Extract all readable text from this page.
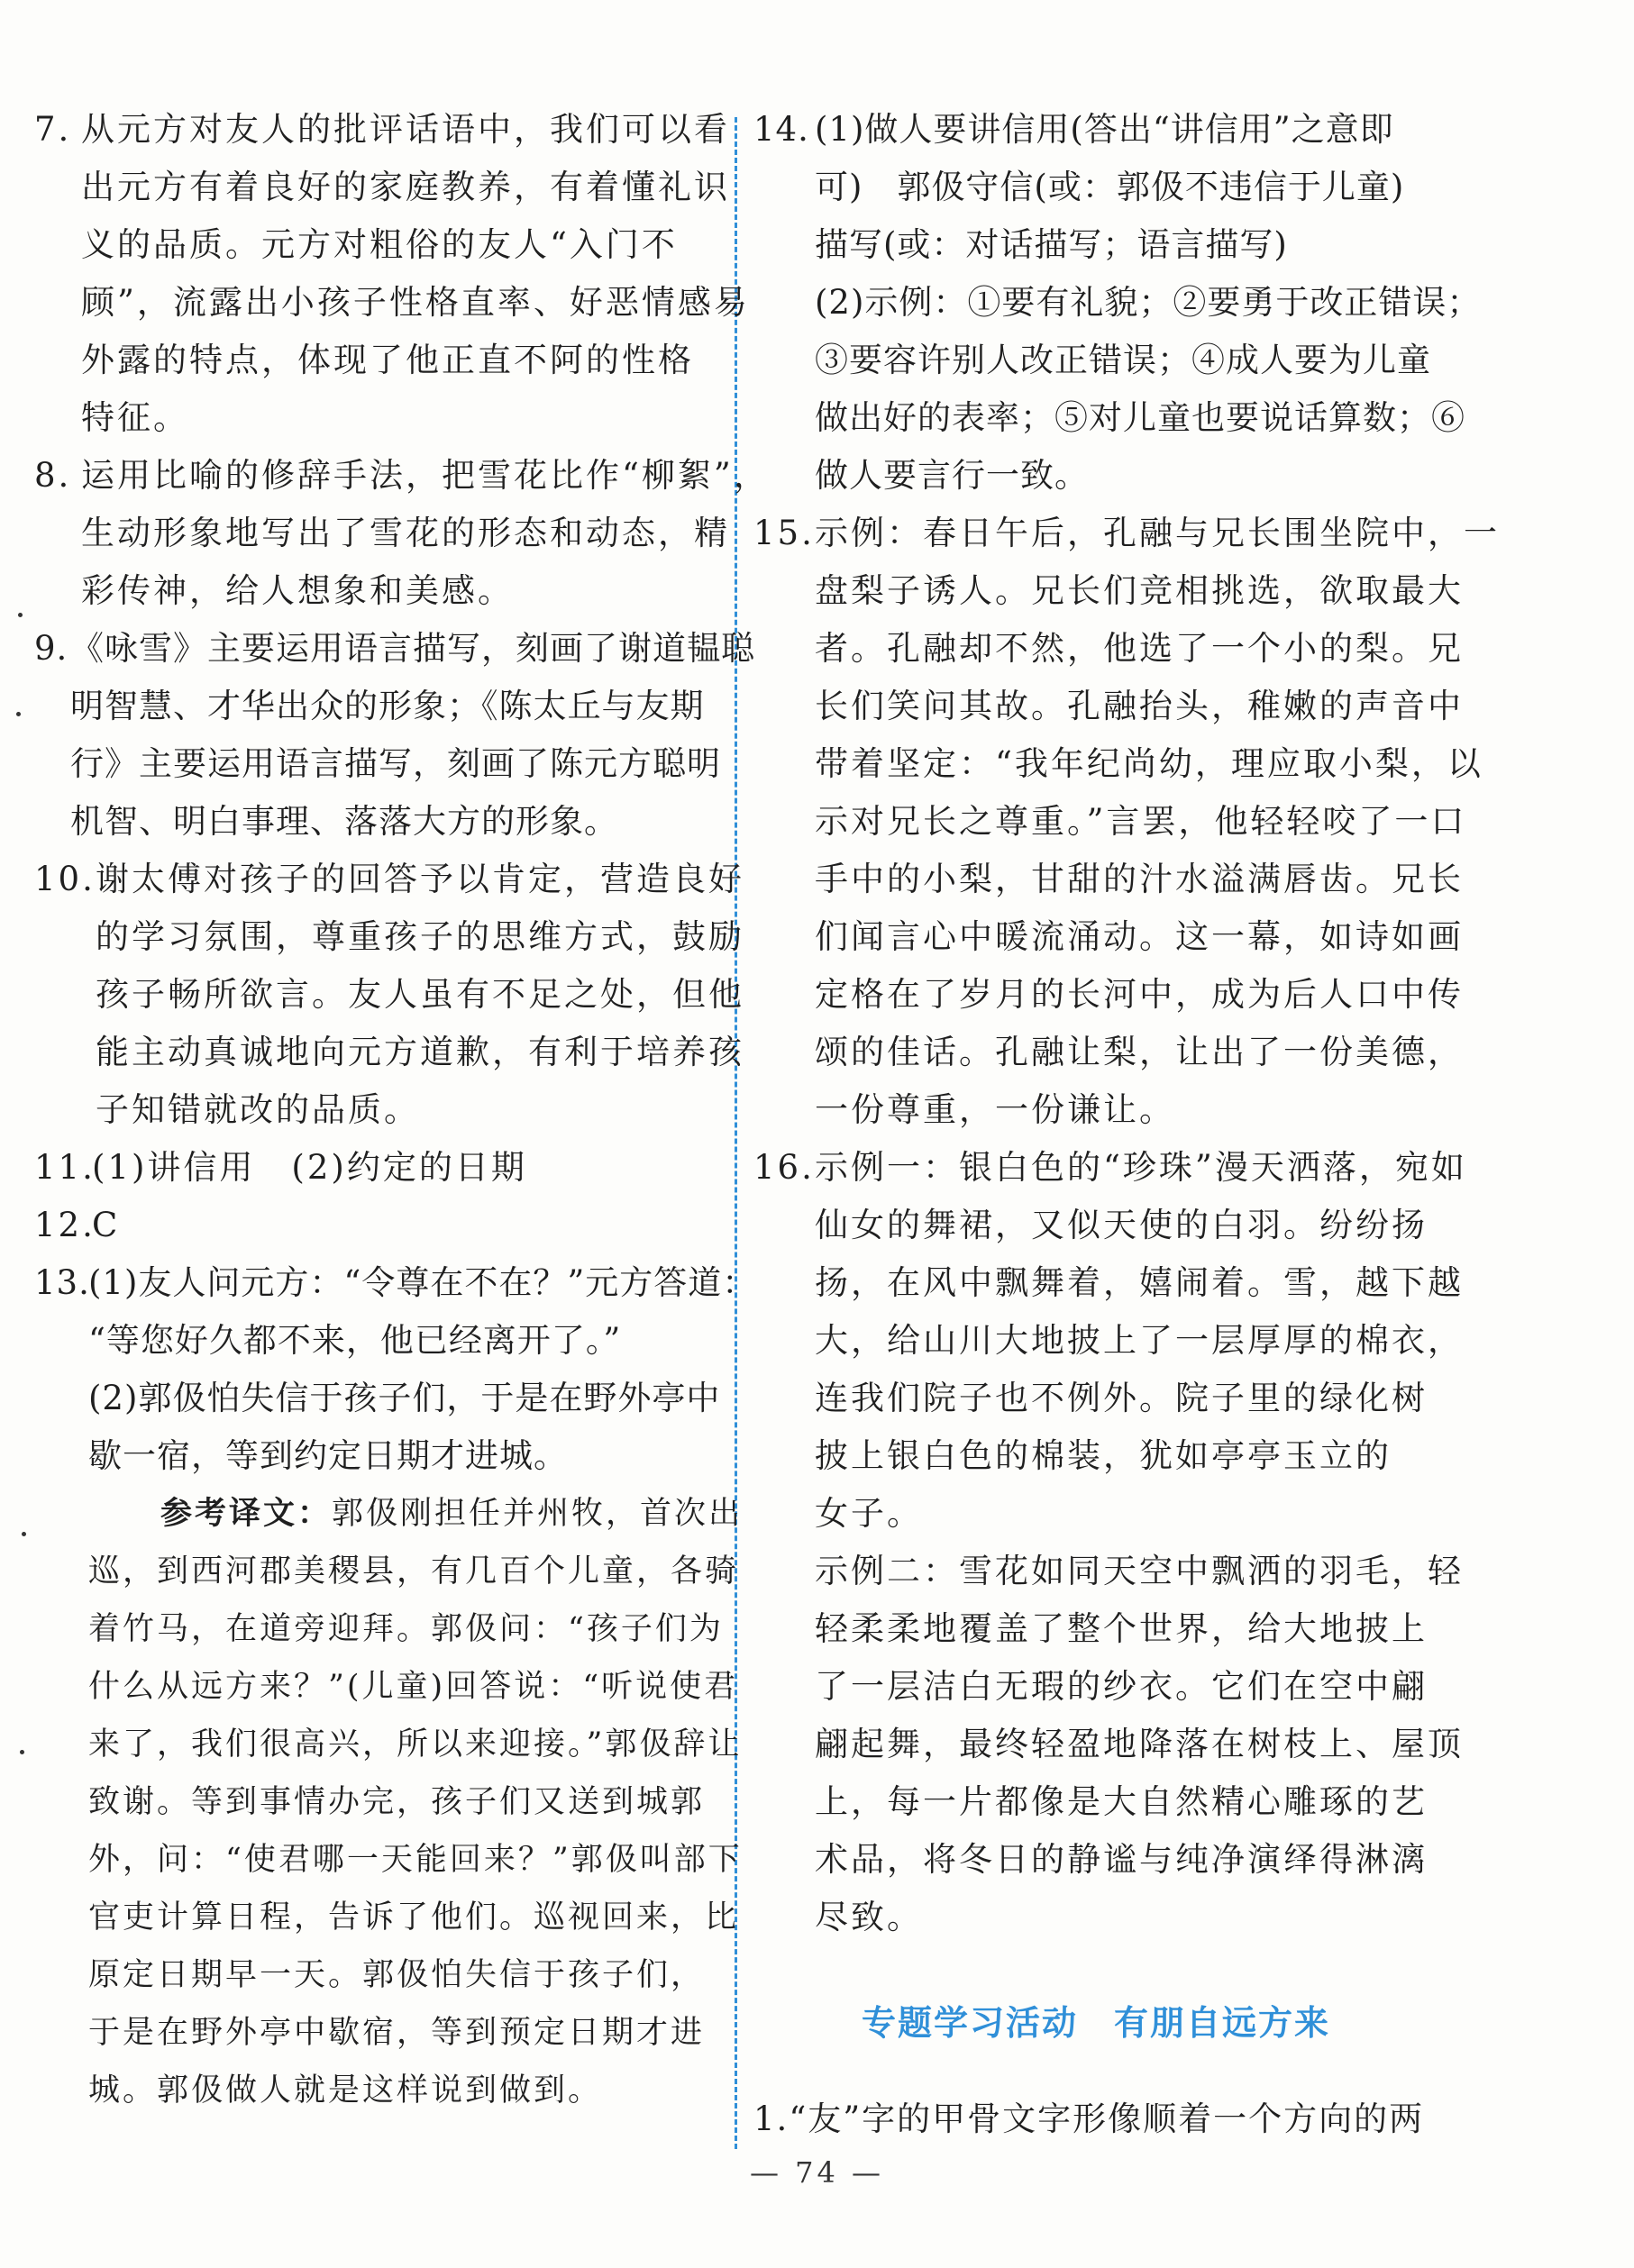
7. 从元方对友人的批评话语中，我们可以看
出元方有着良好的家庭教养，有着懂礼识
义的品质。元方对粗俗的友人“入门不
顾”，流露出小孩子性格直率、好恶情感易
外露的特点，体现了他正直不阿的性格
特征。
8. 运用比喻的修辞手法，把雪花比作“柳絮”，
生动形象地写出了雪花的形态和动态，精
彩传神，给人想象和美感。
9. 《咏雪》主要运用语言描写，刻画了谢道韫聪
明智慧、才华出众的形象；《陈太丘与友期
行》主要运用语言描写，刻画了陈元方聪明
机智、明白事理、落落大方的形象。
10. 谢太傅对孩子的回答予以肯定，营造良好
的学习氛围，尊重孩子的思维方式，鼓励
孩子畅所欲言。友人虽有不足之处，但他
能主动真诚地向元方道歉，有利于培养孩
子知错就改的品质。
11.
(1)讲信用　(2)约定的日期
12.
C
13.
(1)友人问元方：“令尊在不在？”元方答道：
“等您好久都不来，他已经离开了。”
(2)郭伋怕失信于孩子们，于是在野外亭中
歇一宿，等到约定日期才进城。
参考译文：郭伋刚担任并州牧，首次出
巡，到西河郡美稷县，有几百个儿童，各骑
着竹马，在道旁迎拜。郭伋问：“孩子们为
什么从远方来？”(儿童)回答说：“听说使君
来了，我们很高兴，所以来迎接。”郭伋辞让
致谢。等到事情办完，孩子们又送到城郭
外，问：“使君哪一天能回来？”郭伋叫部下
官吏计算日程，告诉了他们。巡视回来，比
原定日期早一天。郭伋怕失信于孩子们，
于是在野外亭中歇宿，等到预定日期才进
城。郭伋做人就是这样说到做到。
14. (1)做人要讲信用(答出“讲信用”之意即
可)　郭伋守信(或：郭伋不违信于儿童)
描写(或：对话描写；语言描写)
(2)示例：①要有礼貌；②要勇于改正错误；
③要容许别人改正错误；④成人要为儿童
做出好的表率；⑤对儿童也要说话算数；⑥
做人要言行一致。
15. 示例：春日午后，孔融与兄长围坐院中，一
盘梨子诱人。兄长们竞相挑选，欲取最大
者。孔融却不然，他选了一个小的梨。兄
长们笑问其故。孔融抬头，稚嫩的声音中
带着坚定：“我年纪尚幼，理应取小梨，以
示对兄长之尊重。”言罢，他轻轻咬了一口
手中的小梨，甘甜的汁水溢满唇齿。兄长
们闻言心中暖流涌动。这一幕，如诗如画
定格在了岁月的长河中，成为后人口中传
颂的佳话。孔融让梨，让出了一份美德，
一份尊重，一份谦让。
16. 示例一：银白色的“珍珠”漫天洒落，宛如
仙女的舞裙，又似天使的白羽。纷纷扬
扬，在风中飘舞着，嬉闹着。雪，越下越
大，给山川大地披上了一层厚厚的棉衣，
连我们院子也不例外。院子里的绿化树
披上银白色的棉装，犹如亭亭玉立的
女子。
示例二：雪花如同天空中飘洒的羽毛，轻
轻柔柔地覆盖了整个世界，给大地披上
了一层洁白无瑕的纱衣。它们在空中翩
翩起舞，最终轻盈地降落在树枝上、屋顶
上，每一片都像是大自然精心雕琢的艺
术品，将冬日的静谧与纯净演绎得淋漓
尽致。
专题学习活动 有朋自远方来
1.“友”字的甲骨文字形像顺着一个方向的两
— 74 —
